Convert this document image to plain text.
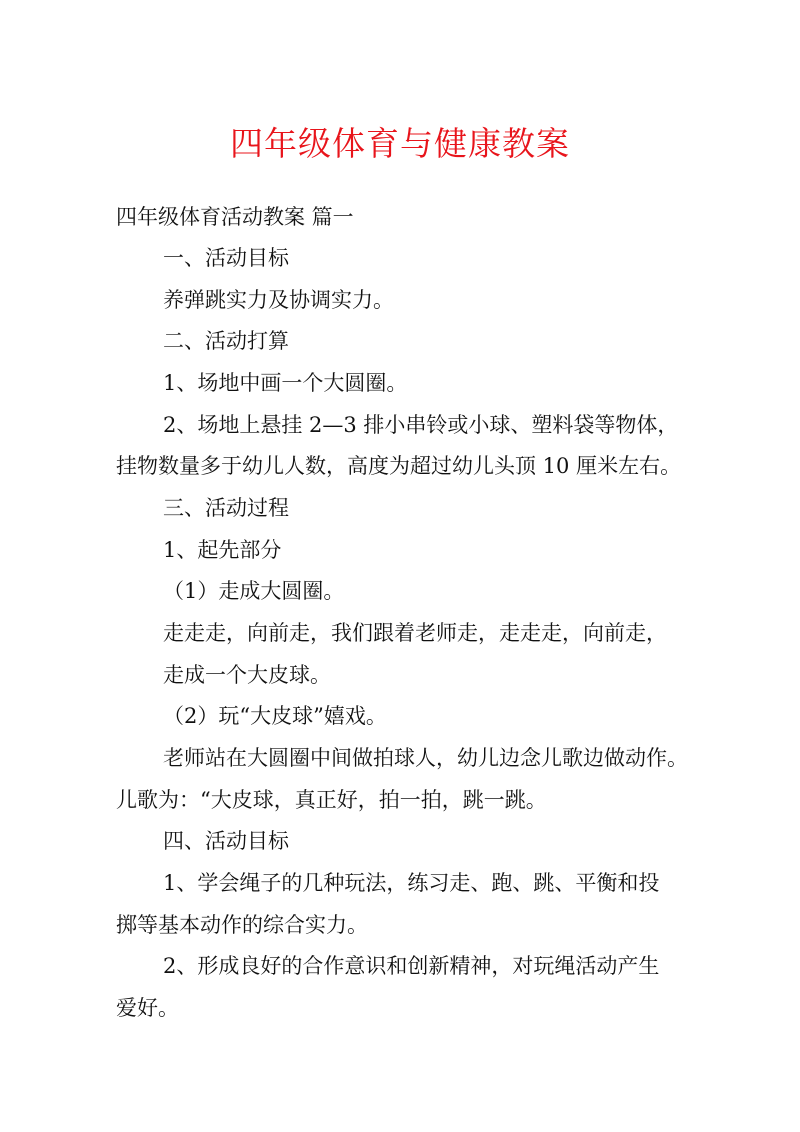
四年级体育与健康教案

四年级体育活动教案 篇一

一、活动目标

养弹跳实力及协调实力。

二、活动打算

1、场地中画一个大圆圈。

2、场地上悬挂 2—3 排小串铃或小球、塑料袋等物体，

挂物数量多于幼儿人数，高度为超过幼儿头顶 10 厘米左右。

三、活动过程

1、起先部分

（1）走成大圆圈。

走走走，向前走，我们跟着老师走，走走走，向前走，

走成一个大皮球。

（2）玩“大皮球”嬉戏。

老师站在大圆圈中间做拍球人，幼儿边念儿歌边做动作。

儿歌为：“大皮球，真正好，拍一拍，跳一跳。

四、活动目标

1、学会绳子的几种玩法，练习走、跑、跳、平衡和投

掷等基本动作的综合实力。

2、形成良好的合作意识和创新精神，对玩绳活动产生

爱好。
